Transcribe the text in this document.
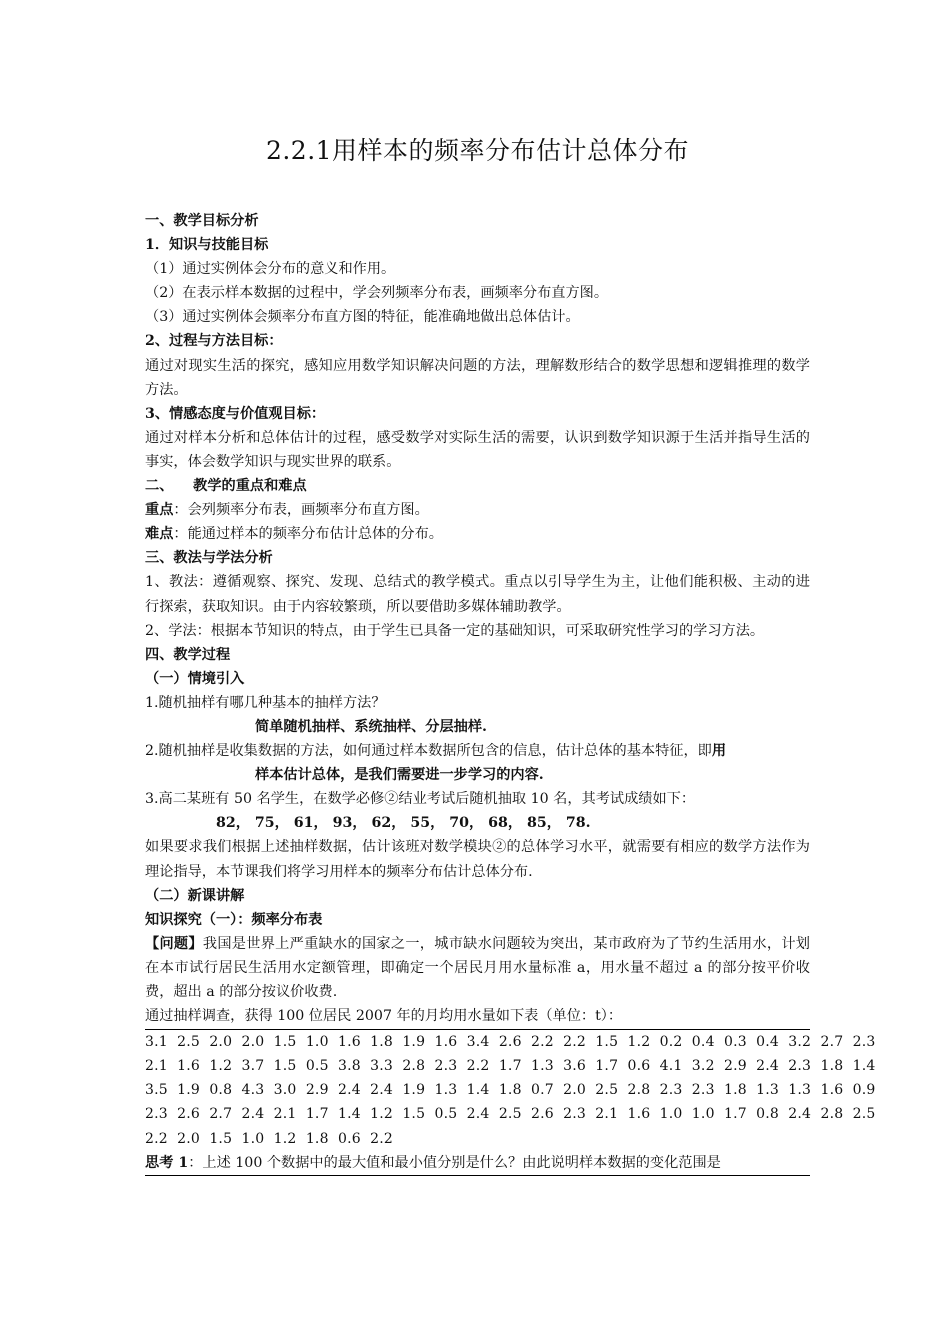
2.2.1用样本的频率分布估计总体分布

一、教学目标分析

1．知识与技能目标

（1）通过实例体会分布的意义和作用。

（2）在表示样本数据的过程中，学会列频率分布表，画频率分布直方图。

（3）通过实例体会频率分布直方图的特征，能准确地做出总体估计。

2、过程与方法目标：

通过对现实生活的探究，感知应用数学知识解决问题的方法，理解数形结合的数学思想和逻辑推理的数学方法。

3、情感态度与价值观目标：

通过对样本分析和总体估计的过程，感受数学对实际生活的需要，认识到数学知识源于生活并指导生活的事实，体会数学知识与现实世界的联系。

二、    教学的重点和难点

重点：会列频率分布表，画频率分布直方图。

难点：能通过样本的频率分布估计总体的分布。

三、教法与学法分析

1、教法：遵循观察、探究、发现、总结式的教学模式。重点以引导学生为主，让他们能积极、主动的进 行探索，获取知识。由于内容较繁琐，所以要借助多媒体辅助教学。

2、学法：根据本节知识的特点，由于学生已具备一定的基础知识，可采取研究性学习的学习方法。

四、教学过程

（一）情境引入

1.随机抽样有哪几种基本的抽样方法？

简单随机抽样、系统抽样、分层抽样.

2.随机抽样是收集数据的方法，如何通过样本数据所包含的信息，估计总体的基本特征，即用

样本估计总体，是我们需要进一步学习的内容.

3.高二某班有 50 名学生，在数学必修②结业考试后随机抽取 10 名，其考试成绩如下：

82， 75， 61， 93， 62， 55， 70， 68， 85， 78.

如果要求我们根据上述抽样数据，估计该班对数学模块②的总体学习水平，就需要有相应的数学方法作为理论指导，本节课我们将学习用样本的频率分布估计总体分布.

（二）新课讲解

知识探究（一）：频率分布表

【问题】我国是世界上严重缺水的国家之一，城市缺水问题较为突出，某市政府为了节约生活用水，计划在本市试行居民生活用水定额管理，即确定一个居民月用水量标准 a，用水量不超过 a 的部分按平价收费，超出 a 的部分按议价收费.

通过抽样调查，获得 100 位居民 2007 年的月均用水量如下表（单位：t）：

3.1  2.5  2.0  2.0  1.5  1.0  1.6  1.8  1.9  1.6  3.4  2.6  2.2  2.2  1.5  1.2  0.2  0.4  0.3  0.4  3.2  2.7  2.3
2.1  1.6  1.2  3.7  1.5  0.5  3.8  3.3  2.8  2.3  2.2  1.7  1.3  3.6  1.7  0.6  4.1  3.2  2.9  2.4  2.3  1.8  1.4
3.5  1.9  0.8  4.3  3.0  2.9  2.4  2.4  1.9  1.3  1.4  1.8  0.7  2.0  2.5  2.8  2.3  2.3  1.8  1.3  1.3  1.6  0.9
2.3  2.6  2.7  2.4  2.1  1.7  1.4  1.2  1.5  0.5  2.4  2.5  2.6  2.3  2.1  1.6  1.0  1.0  1.7  0.8  2.4  2.8  2.5
2.2  2.0  1.5  1.0  1.2  1.8  0.6  2.2

思考 1：上述 100 个数据中的最大值和最小值分别是什么？由此说明样本数据的变化范围是
